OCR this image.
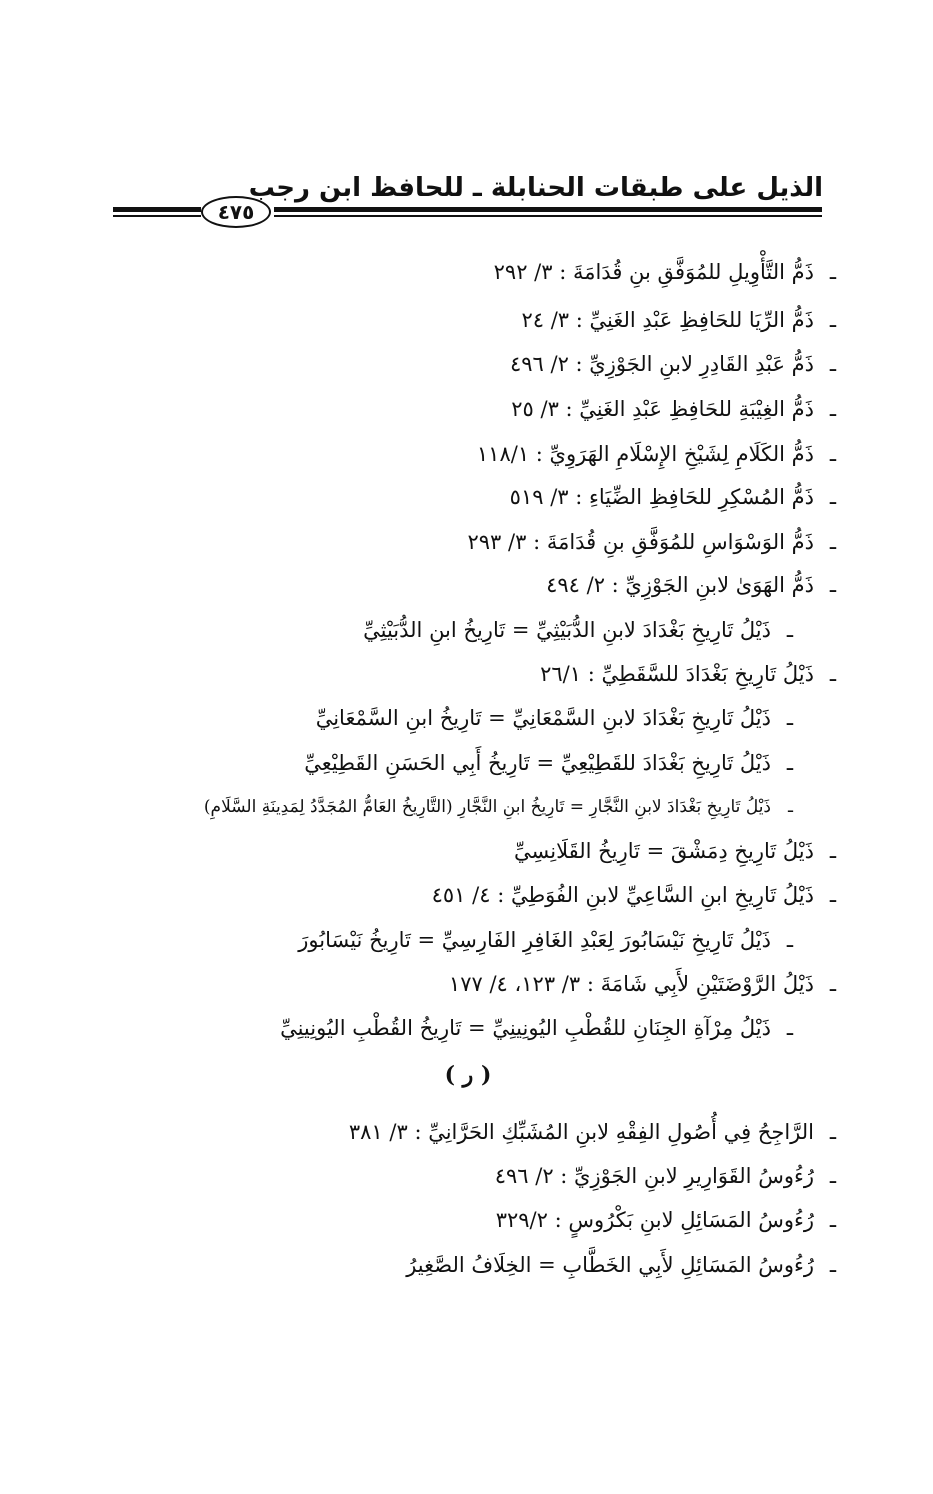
الذيل على طبقات الحنابلة ـ للحافظ ابن رجب
٤٧٥
ـذَمُّ التَّأْوِيلِ للمُوَفَّقِ بنِ قُدَامَةَ : ٣/ ٢٩٢
ـذَمُّ الرِّيَا للحَافِظِ عَبْدِ الغَنِيِّ : ٣/ ٢٤
ـذَمُّ عَبْدِ القَادِرِ لابنِ الجَوْزِيِّ : ٢/ ٤٩٦
ـذَمُّ الغِيْبَةِ للحَافِظِ عَبْدِ الغَنِيِّ : ٣/ ٢٥
ـذَمُّ الكَلَامِ لِشَيْخِ الإِسْلَامِ الهَرَوِيِّ : ١١٨/١
ـذَمُّ المُسْكِرِ للحَافِظِ الضِّيَاءِ : ٣/ ٥١٩
ـذَمُّ الوَسْوَاسِ للمُوَفَّقِ بنِ قُدَامَةَ : ٣/ ٢٩٣
ـذَمُّ الهَوَىٰ لابنِ الجَوْزِيِّ : ٢/ ٤٩٤
ـذَيْلُ تَارِيخِ بَغْدَادَ لابنِ الدُّبَيْثِيِّ = تَارِيخُ ابنِ الدُّبَيْثِيِّ
ـذَيْلُ تَارِيخِ بَغْدَادَ للسَّقَطِيِّ : ٢٦/١
ـذَيْلُ تَارِيخِ بَغْدَادَ لابنِ السَّمْعَانِيِّ = تَارِيخُ ابنِ السَّمْعَانِيِّ
ـذَيْلُ تَارِيخِ بَغْدَادَ للقَطِيْعِيِّ = تَارِيخُ أَبِي الحَسَنِ القَطِيْعِيِّ
ـذَيْلُ تَارِيخِ بَغْدَادَ لابنِ النَّجَّارِ = تَارِيخُ ابنِ النَّجَّارِ (التَّارِيخُ العَامُّ المُجَدَّدُ لِمَدِينَةِ السَّلَامِ)
ـذَيْلُ تَارِيخِ دِمَشْقَ = تَارِيخُ القَلَانِسِيِّ
ـذَيْلُ تَارِيخِ ابنِ السَّاعِيِّ لابنِ الفُوَطِيِّ : ٤/ ٤٥١
ـذَيْلُ تَارِيخِ نَيْسَابُورَ لِعَبْدِ الغَافِرِ الفَارِسِيِّ = تَارِيخُ نَيْسَابُورَ
ـذَيْلُ الرَّوْضَتَيْنِ لأَبِي شَامَةَ : ٣/ ١٢٣، ٤/ ١٧٧
ـذَيْلُ مِرْآةِ الجِنَانِ للقُطْبِ اليُونِينِيِّ = تَارِيخُ القُطْبِ اليُونِينِيِّ
( ر )
ـالرَّاجِحُ فِي أُصُولِ الفِقْهِ لابنِ المُشَبِّكِ الحَرَّانِيِّ : ٣/ ٣٨١
ـرُءُوسُ القَوَارِيرِ لابنِ الجَوْزِيِّ : ٢/ ٤٩٦
ـرُءُوسُ المَسَائِلِ لابنِ بَكْرُوسٍ : ٣٢٩/٢
ـرُءُوسُ المَسَائِلِ لأَبِي الخَطَّابِ = الخِلَافُ الصَّغِيرُ
